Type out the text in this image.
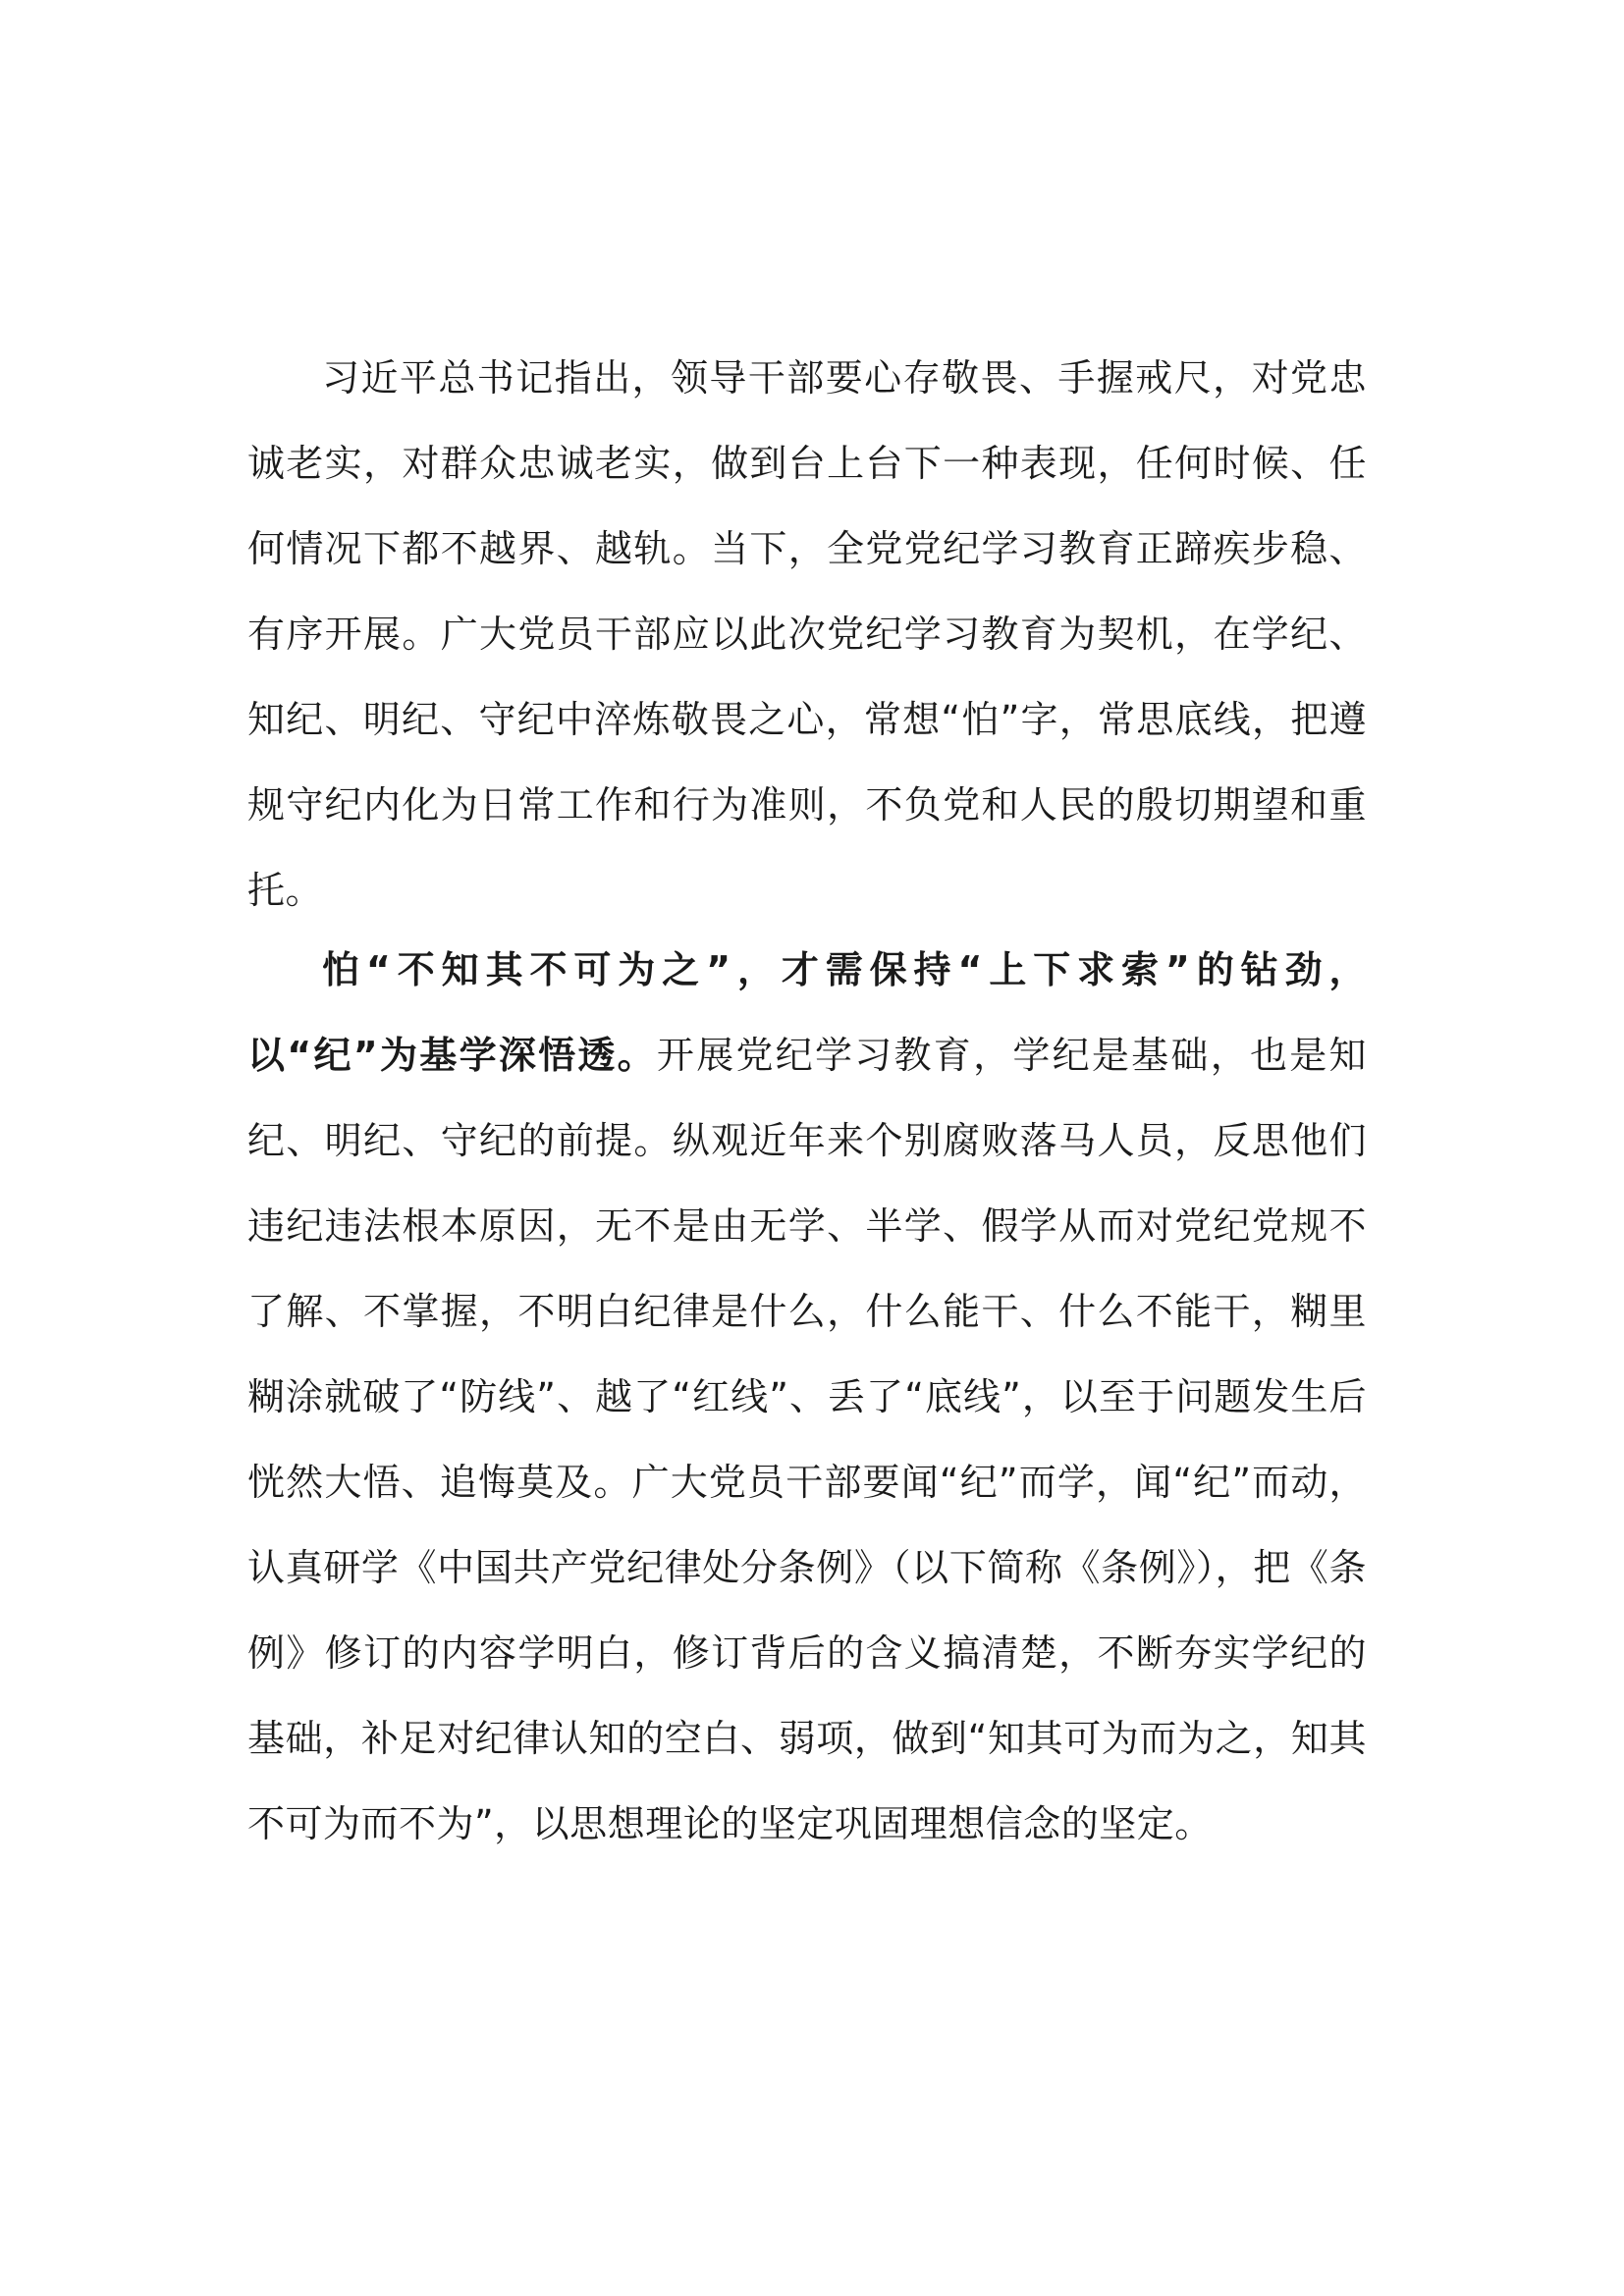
习近平总书记指出，领导干部要心存敬畏、手握戒尺，对党忠诚老实，对群众忠诚老实，做到台上台下一种表现，任何时候、任何情况下都不越界、越轨。当下，全党党纪学习教育正蹄疾步稳、有序开展。广大党员干部应以此次党纪学习教育为契机，在学纪、知纪、明纪、守纪中淬炼敬畏之心，常想“怕”字，常思底线，把遵规守纪内化为日常工作和行为准则，不负党和人民的殷切期望和重托。

怕“不知其不可为之”，才需保持“上下求索”的钻劲，以“纪”为基学深悟透。开展党纪学习教育，学纪是基础，也是知纪、明纪、守纪的前提。纵观近年来个别腐败落马人员，反思他们违纪违法根本原因，无不是由无学、半学、假学从而对党纪党规不了解、不掌握，不明白纪律是什么，什么能干、什么不能干，糊里糊涂就破了“防线”、越了“红线”、丢了“底线”，以至于问题发生后恍然大悟、追悔莫及。广大党员干部要闻“纪”而学，闻“纪”而动，认真研学《中国共产党纪律处分条例》（以下简称《条例》），把《条例》修订的内容学明白，修订背后的含义搞清楚，不断夯实学纪的基础，补足对纪律认知的空白、弱项，做到“知其可为而为之，知其不可为而不为”，以思想理论的坚定巩固理想信念的坚定。
